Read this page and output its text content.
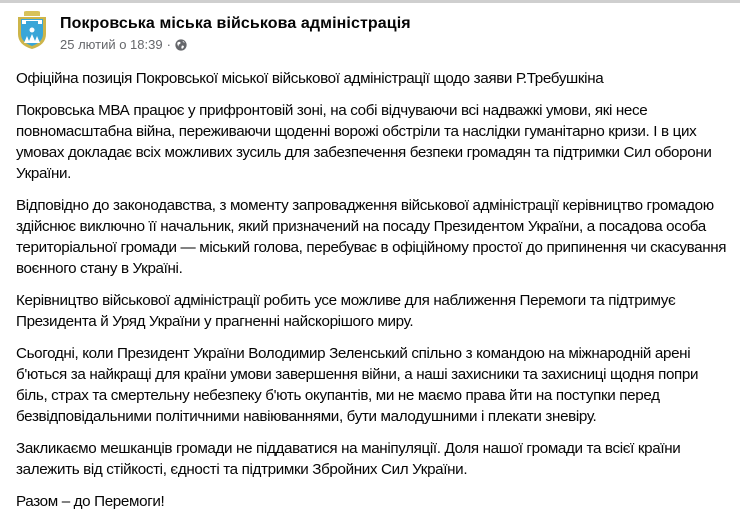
Покровська міська військова адміністрація
25 лютий о 18:39 ·

Офіційна позиція Покровської міської військової адміністрації щодо заяви Р.Требушкіна

Покровська МВА працює у прифронтовій зоні, на собі відчуваючи всі надважкі умови, які несе повномасштабна війна, переживаючи щоденні ворожі обстріли та наслідки гуманітарно кризи. І в цих умовах докладає всіх можливих зусиль для забезпечення безпеки громадян та підтримки Сил оборони України.

Відповідно до законодавства, з моменту запровадження військової адміністрації керівництво громадою здійснює виключно її начальник, який призначений на посаду Президентом України, а посадова особа територіальної громади — міський голова, перебуває в офіційному простої до припинення чи скасування воєнного стану в Україні.

Керівництво військової адміністрації робить усе можливе для наближення Перемоги та підтримує Президента й Уряд України у прагненні найскорішого миру.

Сьогодні, коли Президент України Володимир Зеленський спільно з командою на міжнародній арені б'ються за найкращі для країни умови завершення війни, а наші захисники та захисниці щодня попри біль, страх та смертельну небезпеку б'ють окупантів, ми не маємо права йти на поступки перед безвідповідальними політичними навіюваннями, бути малодушними і плекати зневіру.

Закликаємо мешканців громади не піддаватися на маніпуляції. Доля нашої громади та всієї країни залежить від стійкості, єдності та підтримки Збройних Сил України.

Разом – до Перемоги!
